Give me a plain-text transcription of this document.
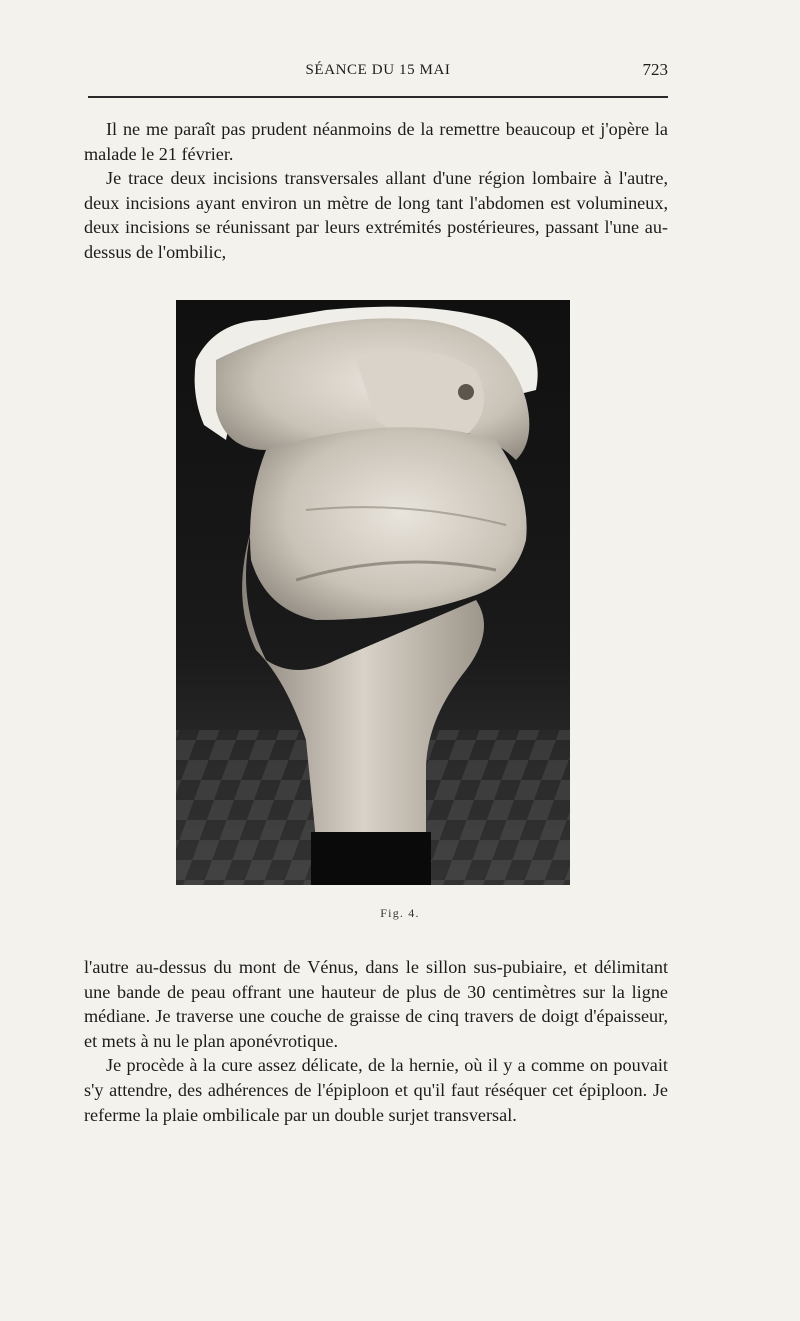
SÉANCE DU 15 MAI	723

Il ne me paraît pas prudent néanmoins de la remettre beaucoup et j'opère la malade le 21 février.

Je trace deux incisions transversales allant d'une région lombaire à l'autre, deux incisions ayant environ un mètre de long tant l'abdomen est volumineux, deux incisions se réunissant par leurs extrémités postérieures, passant l'une au-dessus de l'ombilic,

Fig. 4.

l'autre au-dessus du mont de Vénus, dans le sillon sus-pubiaire, et délimitant une bande de peau offrant une hauteur de plus de 30 centimètres sur la ligne médiane. Je traverse une couche de graisse de cinq travers de doigt d'épaisseur, et mets à nu le plan aponévrotique.

Je procède à la cure assez délicate, de la hernie, où il y a comme on pouvait s'y attendre, des adhérences de l'épiploon et qu'il faut réséquer cet épiploon. Je referme la plaie ombilicale par un double surjet transversal.
